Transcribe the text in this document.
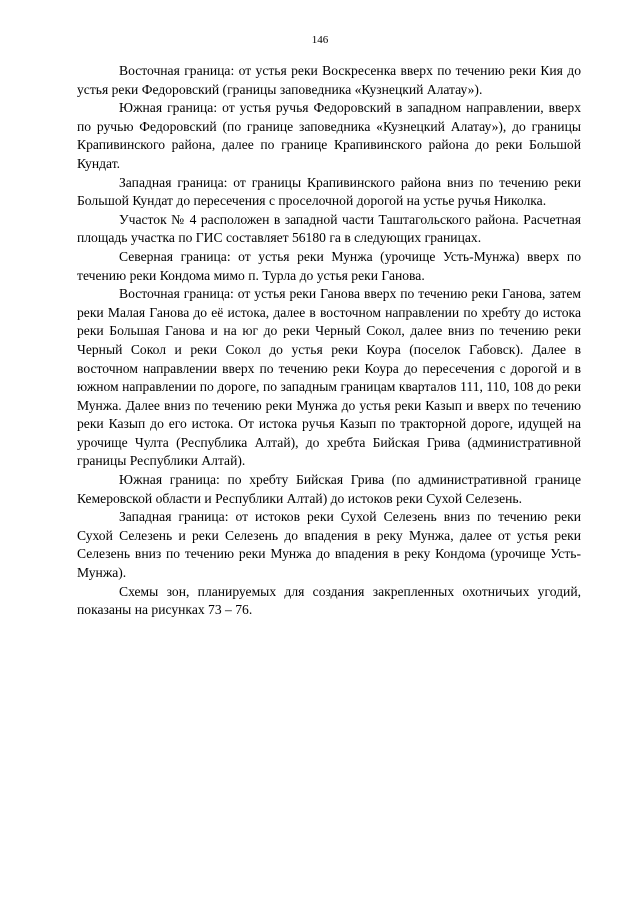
146

Восточная граница: от устья реки Воскресенка вверх по течению реки Кия до устья реки Федоровский (границы заповедника «Кузнецкий Алатау»).

Южная граница: от устья ручья Федоровский в западном направлении, вверх по ручью Федоровский (по границе заповедника «Кузнецкий Алатау»), до границы Крапивинского района, далее по границе Крапивинского района до реки Большой Кундат.

Западная граница: от границы Крапивинского района вниз по течению реки Большой Кундат до пересечения с проселочной дорогой на устье ручья Николка.

Участок № 4 расположен в западной части Таштагольского района. Расчетная площадь участка по ГИС составляет 56180 га в следующих границах.

Северная граница: от устья реки Мунжа (урочище Усть-Мунжа) вверх по течению реки Кондома мимо п. Турла до устья реки Ганова.

Восточная граница: от устья реки Ганова вверх по течению реки Ганова, затем реки Малая Ганова до её истока, далее в восточном направлении по хребту до истока реки Большая Ганова и на юг до реки Черный Сокол, далее вниз по течению реки Черный Сокол и реки Сокол до устья реки Коура (поселок Габовск). Далее в восточном направлении вверх по течению реки Коура до пересечения с дорогой и в южном направлении по дороге, по западным границам кварталов 111, 110, 108 до реки Мунжа. Далее вниз по течению реки Мунжа до устья реки Казып и вверх по течению реки Казып до его истока. От истока ручья Казып по тракторной дороге, идущей на урочище Чулта (Республика Алтай), до хребта Бийская Грива (административной границы Республики Алтай).

Южная граница: по хребту Бийская Грива (по административной границе Кемеровской области и Республики Алтай) до истоков реки Сухой Селезень.

Западная граница: от истоков реки Сухой Селезень вниз по течению реки Сухой Селезень и реки Селезень до впадения в реку Мунжа, далее от устья реки Селезень вниз по течению реки Мунжа до впадения в реку Кондома (урочище Усть-Мунжа).

Схемы зон, планируемых для создания закрепленных охотничьих угодий, показаны на рисунках 73 – 76.
